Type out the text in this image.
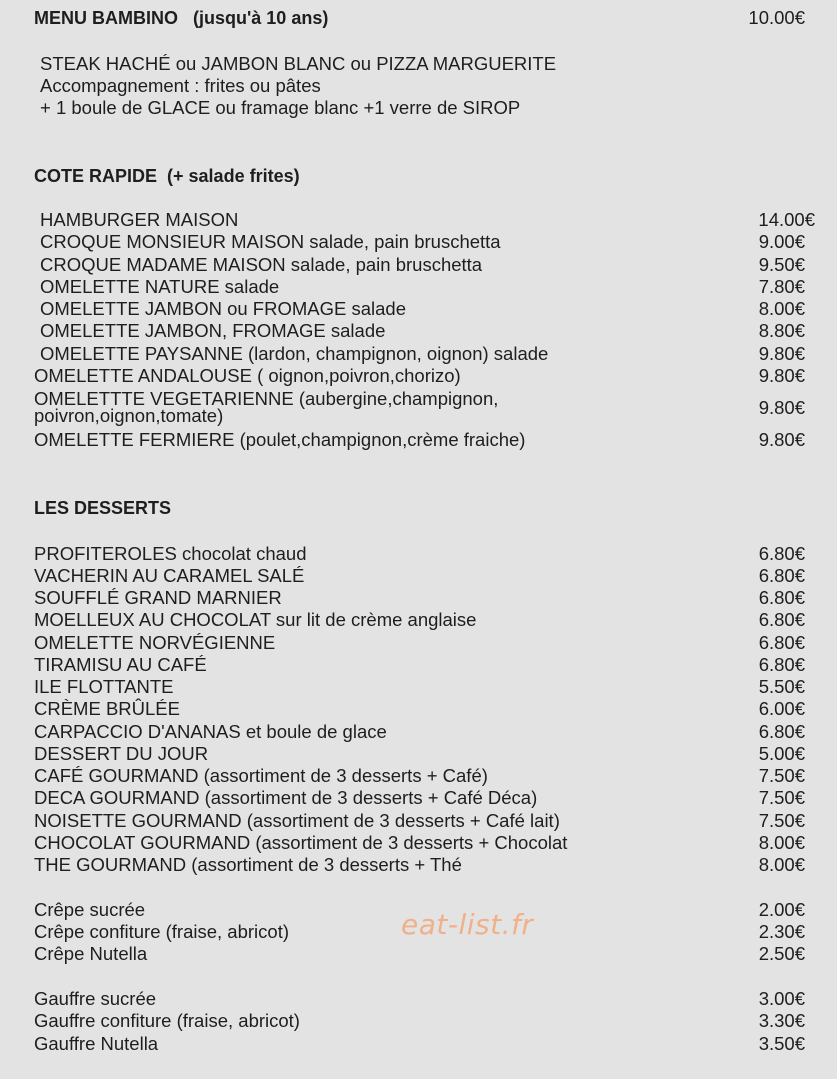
MENU BAMBINO (jusqu'à 10 ans)	10.00€
STEAK HACHÉ ou JAMBON BLANC ou PIZZA MARGUERITE
Accompagnement : frites ou pâtes
+ 1 boule de GLACE ou framage blanc +1 verre de SIROP
COTE RAPIDE (+ salade frites)
HAMBURGER MAISON	14.00€
CROQUE MONSIEUR MAISON salade, pain bruschetta	9.00€
CROQUE MADAME MAISON salade, pain bruschetta	9.50€
OMELETTE NATURE salade	7.80€
OMELETTE JAMBON ou FROMAGE salade	8.00€
OMELETTE JAMBON, FROMAGE salade	8.80€
OMELETTE PAYSANNE (lardon, champignon, oignon) salade	9.80€
OMELETTE ANDALOUSE ( oignon,poivron,chorizo)	9.80€
OMELETTTE VEGETARIENNE (aubergine,champignon, poivron,oignon,tomate)	9.80€
OMELETTE FERMIERE (poulet,champignon,crème fraiche)	9.80€
LES DESSERTS
PROFITEROLES chocolat chaud	6.80€
VACHERIN AU CARAMEL SALÉ	6.80€
SOUFFLÉ GRAND MARNIER	6.80€
MOELLEUX AU CHOCOLAT sur lit de crème anglaise	6.80€
OMELETTE NORVÉGIENNE	6.80€
TIRAMISU AU CAFÉ	6.80€
ILE FLOTTANTE	5.50€
CRÈME BRÛLÉE	6.00€
CARPACCIO D'ANANAS et boule de glace	6.80€
DESSERT DU JOUR	5.00€
CAFÉ GOURMAND (assortiment de 3 desserts + Café)	7.50€
DECA GOURMAND (assortiment de 3 desserts + Café Déca)	7.50€
NOISETTE GOURMAND (assortiment de 3 desserts + Café lait)	7.50€
CHOCOLAT GOURMAND (assortiment de 3 desserts + Chocolat	8.00€
THE GOURMAND (assortiment de 3 desserts + Thé	8.00€
Crêpe sucrée	2.00€
Crêpe confiture (fraise, abricot)	2.30€
Crêpe Nutella	2.50€
Gauffre sucrée	3.00€
Gauffre confiture (fraise, abricot)	3.30€
Gauffre Nutella	3.50€
eat-list.fr
